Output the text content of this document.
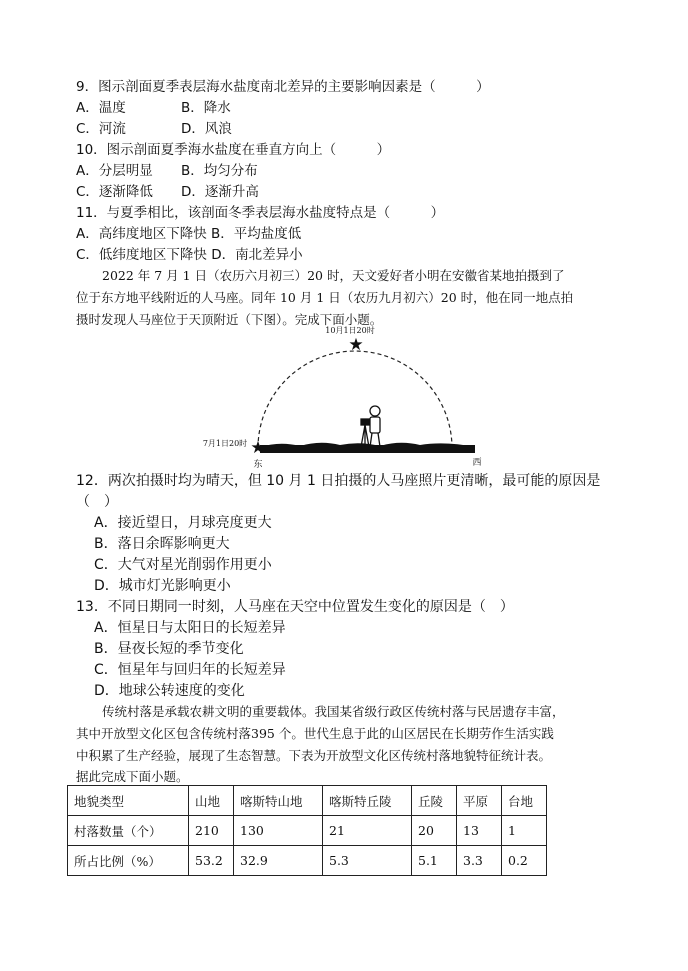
9．图示剖面夏季表层海水盐度南北差异的主要影响因素是（　　　）
A．温度	B．降水
C．河流	D．风浪
10．图示剖面夏季海水盐度在垂直方向上（　　　）
A．分层明显 B．均匀分布
C．逐渐降低 D．逐渐升高
11．与夏季相比，该剖面冬季表层海水盐度特点是（　　　）
A．高纬度地区下降快 B．平均盐度低
C．低纬度地区下降快 D．南北差异小
2022 年 7 月 1 日（农历六月初三）20 时，天文爱好者小明在安徽省某地拍摄到了
位于东方地平线附近的人马座。同年 10 月 1 日（农历九月初六）20 时，他在同一地点拍
摄时发现人马座位于天顶附近（下图）。完成下面小题。
★
★
10月1日20时
7月1日20时
东	西
12．两次拍摄时均为晴天，但 10 月 1 日拍摄的人马座照片更清晰，最可能的原因是
（　）
A．接近望日，月球亮度更大
B．落日余晖影响更大
C．大气对星光削弱作用更小
D．城市灯光影响更小
13．不同日期同一时刻，人马座在天空中位置发生变化的原因是（　）
A．恒星日与太阳日的长短差异
B．昼夜长短的季节变化
C．恒星年与回归年的长短差异
D．地球公转速度的变化
传统村落是承载农耕文明的重要载体。我国某省级行政区传统村落与民居遗存丰富，
其中开放型文化区包含传统村落395 个。世代生息于此的山区居民在长期劳作生活实践
中积累了生产经验，展现了生态智慧。下表为开放型文化区传统村落地貌特征统计表。
据此完成下面小题。
地貌类型	山地	喀斯特山地	喀斯特丘陵	丘陵	平原	台地
村落数量（个）	210	130	21	20	13	1
所占比例（%）	53.2	32.9	5.3	5.1	3.3	0.2
